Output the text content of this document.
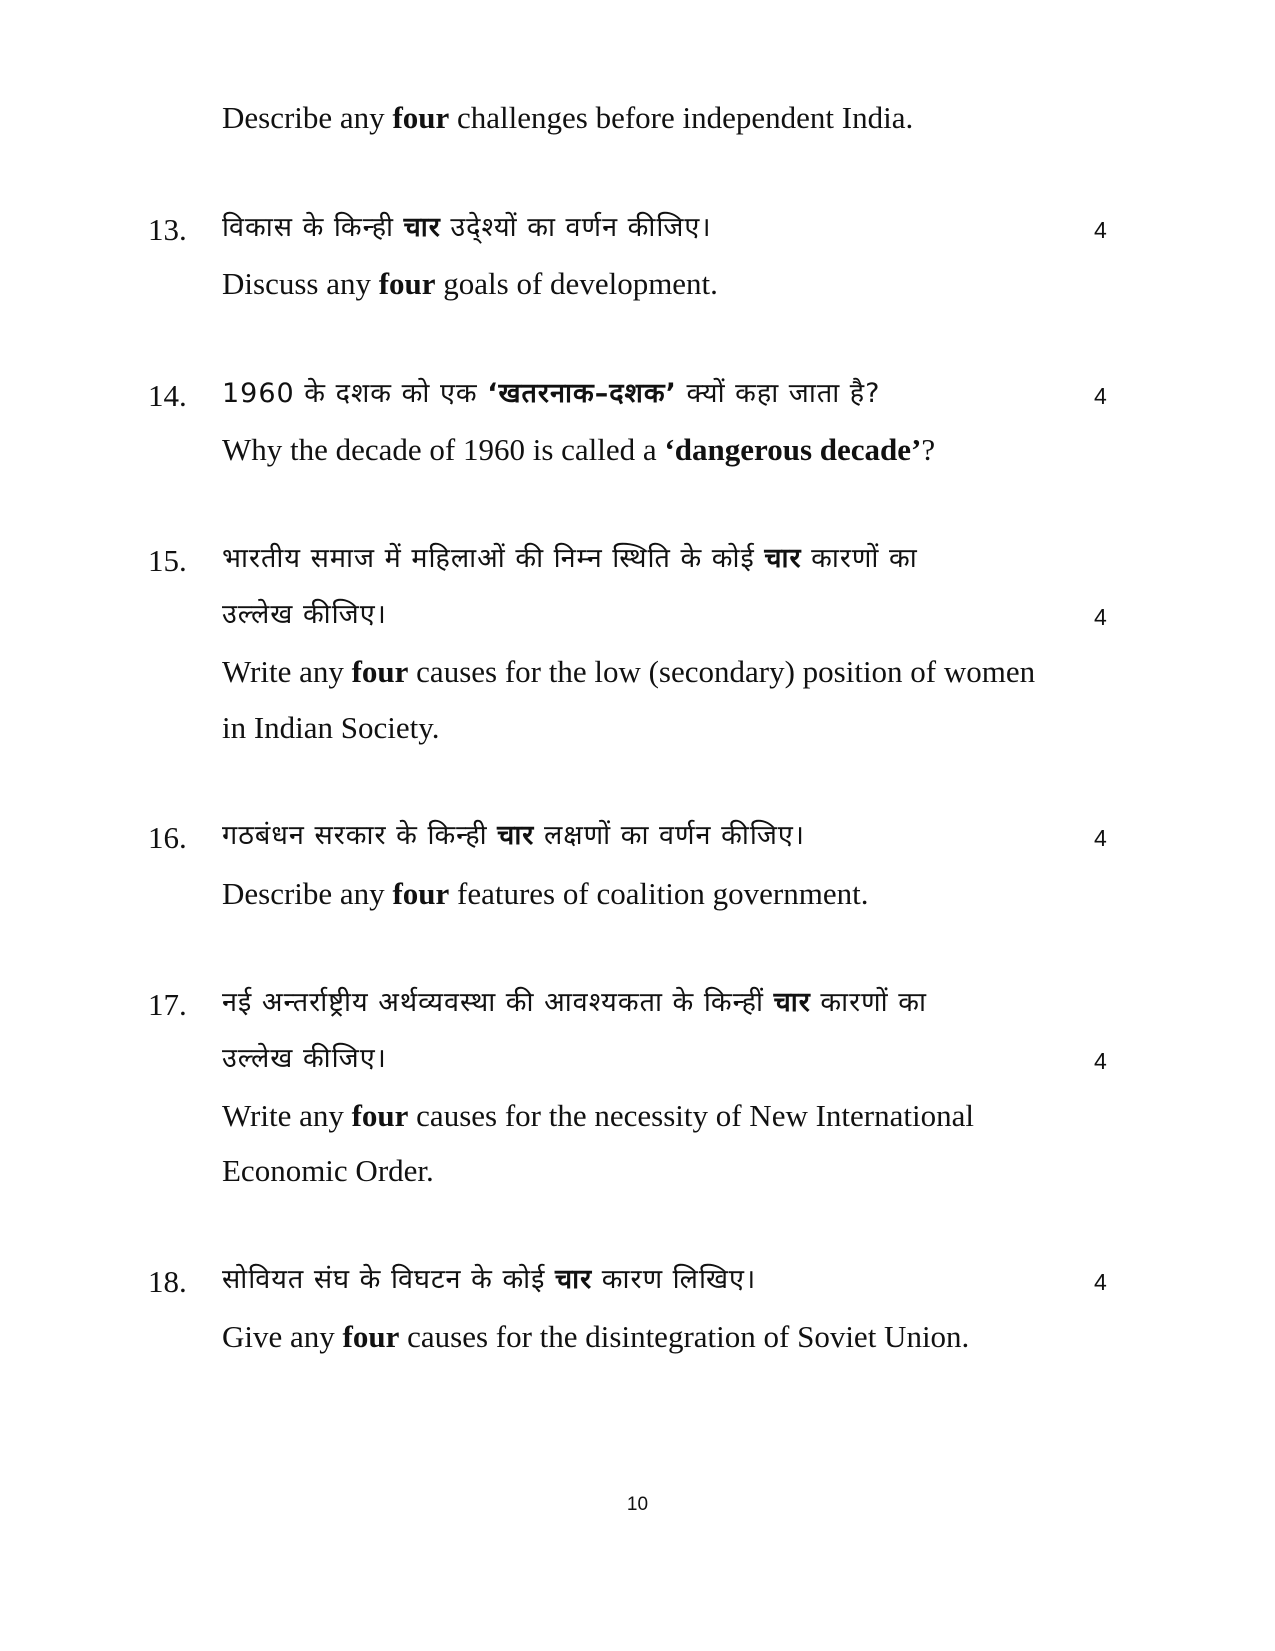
Describe any four challenges before independent India.
13. विकास के किन्ही चार उदे्श्यों का वर्णन कीजिए।	4
Discuss any four goals of development.
14. 1960 के दशक को एक ‘खतरनाक–दशक’ क्यों कहा जाता है?	4
Why the decade of 1960 is called a ‘dangerous decade’?
15. भारतीय समाज में महिलाओं की निम्न स्थिति के कोई चार कारणों का
उल्लेख कीजिए।	4
Write any four causes for the low (secondary) position of women
in Indian Society.
16. गठबंधन सरकार के किन्ही चार लक्षणों का वर्णन कीजिए।	4
Describe any four features of coalition government.
17. नई अन्तर्राष्ट्रीय अर्थव्यवस्था की आवश्यकता के किन्हीं चार कारणों का
उल्लेख कीजिए।	4
Write any four causes for the necessity of New International
Economic Order.
18. सोवियत संघ के विघटन के कोई चार कारण लिखिए।	4
Give any four causes for the disintegration of Soviet Union.
10
